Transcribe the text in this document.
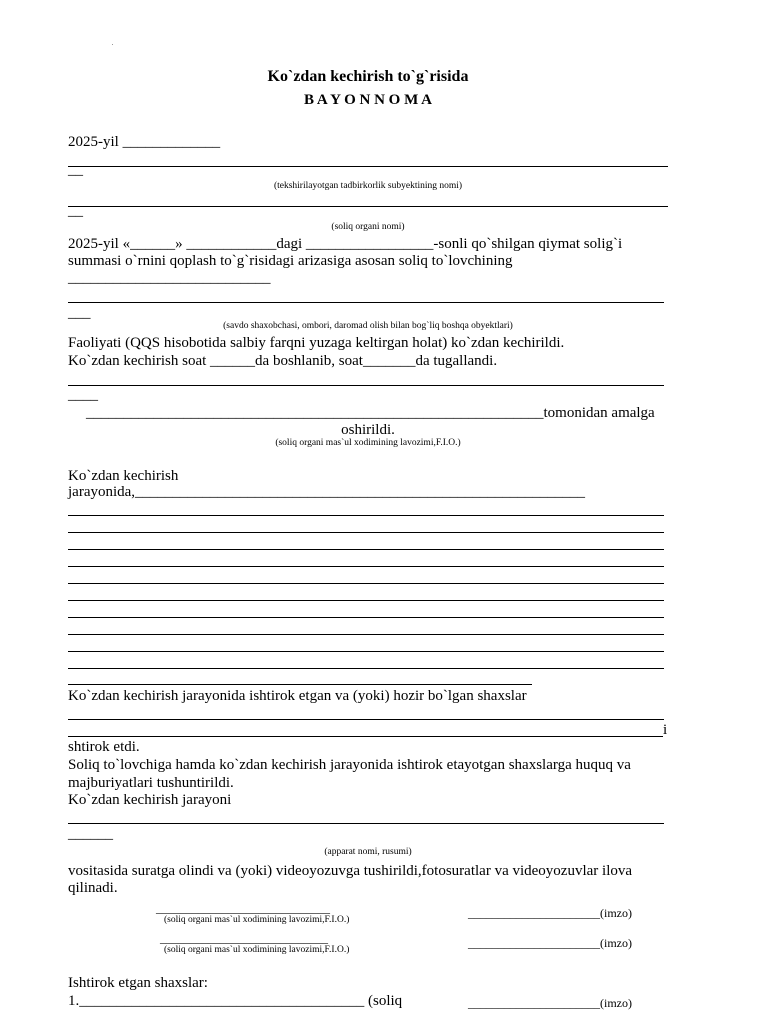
Ko`zdan kechirish to`g`risida
B A Y O N N O M A
2025-yil _____________
__
(tekshirilayotgan tadbirkorlik subyektining nomi)
__
(soliq organi nomi)
2025-yil «______» ____________dagi _________________-sonli qo`shilgan qiymat solig`i
summasi o`rnini qoplash to`g`risidagi arizasiga asosan soliq to`lovchining
___________________________
___
(savdo shaxobchasi, ombori, daromad olish bilan bog`liq boshqa obyektlari)
Faoliyati (QQS hisobotida salbiy farqni yuzaga keltirgan holat) ko`zdan kechirildi.
Ko`zdan kechirish soat ______da boshlanib, soat_______da tugallandi.
____
_____________________________________________________________tomonidan amalga
oshirildi.
(soliq organi mas`ul xodimining lavozimi,F.I.O.)
Ko`zdan kechirish
jarayonida,____________________________________________________________
Ko`zdan kechirish jarayonida ishtirok etgan va (yoki) hozir bo`lgan shaxslar
i
shtirok etdi.
Soliq to`lovchiga hamda ko`zdan kechirish jarayonida ishtirok etayotgan shaxslarga huquq va
majburiyatlari tushuntirildi.
Ko`zdan kechirish jarayoni
______
(apparat nomi, rusumi)
vositasida suratga olindi va (yoki) videoyozuvga tushirildi,fotosuratlar va videoyozuvlar ilova
qilinadi.
_____________________________
(soliq organi mas`ul xodimining lavozimi,F.I.O.)	______________________(imzo)
____________________________
(soliq organi mas`ul xodimining lavozimi,F.I.O.)	______________________(imzo)
Ishtirok etgan shaxslar:
1.______________________________________ (soliq	______________________(imzo)
